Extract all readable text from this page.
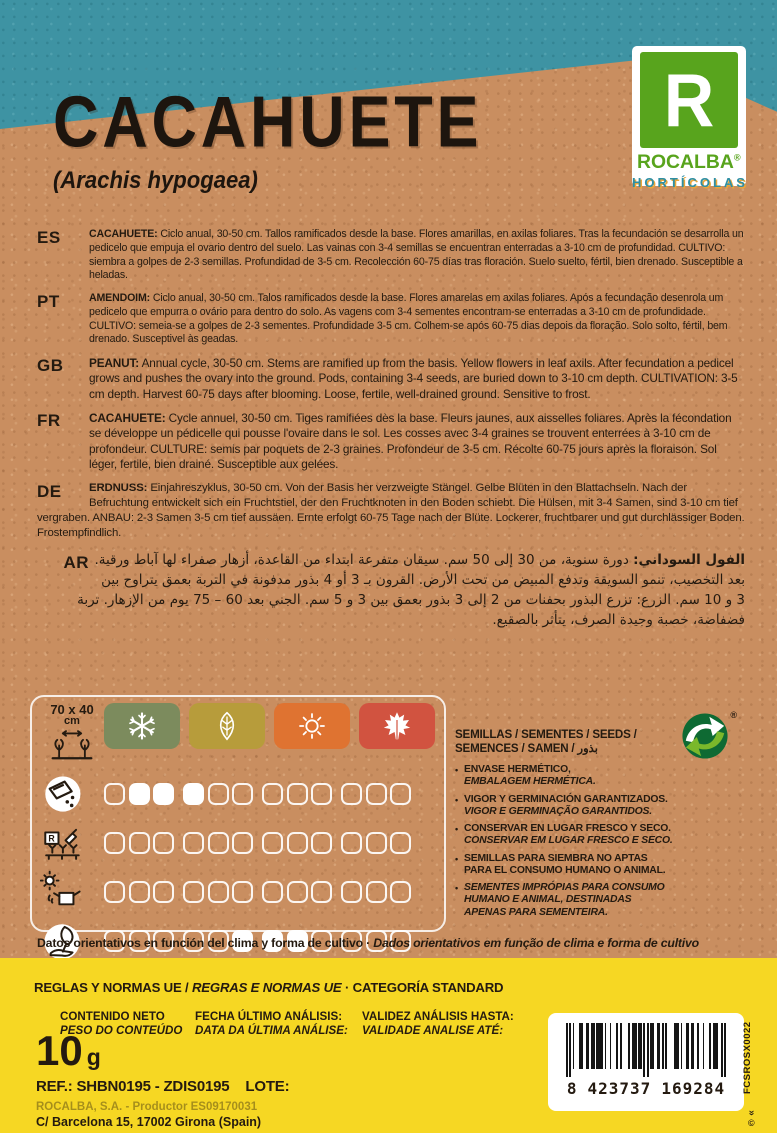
CACAHUETE
(Arachis hypogaea)
R
ROCALBA®
HORTÍCOLAS
ES	CACAHUETE: Ciclo anual, 30-50 cm. Tallos ramificados desde la base. Flores amarillas, en axilas foliares. Tras la fecundación se desarrolla un pedicelo que empuja el ovario dentro del suelo. Las vainas con 3-4 semillas se encuentran enterradas a 3-10 cm de profundidad. CULTIVO: siembra a golpes de 2-3 semillas. Profundidad de 3-5 cm. Recolección 60-75 días tras floración. Suelo suelto, fértil, bien drenado. Susceptible a heladas.
PT	AMENDOIM: Ciclo anual, 30-50 cm. Talos ramificados desde la base. Flores amarelas em axilas foliares. Após a fecundação desenrola um pedicelo que empurra o ovário para dentro do solo. As vagens com 3-4 sementes encontram-se enterradas a 3-10 cm de profundidade. CULTIVO: semeia-se a golpes de 2-3 sementes. Profundidade 3-5 cm. Colhem-se após 60-75 dias depois da floração. Solo solto, fértil, bem drenado. Susceptivel às geadas.
GB	PEANUT: Annual cycle, 30-50 cm. Stems are ramified up from the basis. Yellow flowers in leaf axils. After fecundation a pedicel grows and pushes the ovary into the ground. Pods, containing 3-4 seeds, are buried down to 3-10 cm depth. CULTIVATION: 3-5 cm depth. Harvest 60-75 days after blooming. Loose, fertile, well-drained ground. Sensitive to frost.
FR	CACAHUETE: Cycle annuel, 30-50 cm. Tiges ramifiées dès la base. Fleurs jaunes, aux aisselles foliares. Après la fécondation se développe un pédicelle qui pousse l'ovaire dans le sol. Les cosses avec 3-4 graines se trouvent enterrées à 3-10 cm de profondeur. CULTURE: semis par poquets de 2-3 graines. Profondeur de 3-5 cm. Récolte 60-75 jours après la floraison. Sol léger, fertile, bien drainé. Susceptible aux gelées.
DE	ERDNUSS: Einjahreszyklus, 30-50 cm. Von der Basis her verzweigte Stängel. Gelbe Blüten in den Blattachseln. Nach der Befruchtung entwickelt sich ein Fruchtstiel, der den Fruchtknoten in den Boden schiebt. Die Hülsen, mit 3-4 Samen, sind 3-10 cm tief vergraben. ANBAU: 2-3 Samen 3-5 cm tief aussäen. Ernte erfolgt 60-75 Tage nach der Blüte. Lockerer, fruchtbarer und gut durchlässiger Boden. Frostempfindlich.
AR	الفول السوداني: دورة سنوية، من 30 إلى 50 سم. سيقان متفرعة ابتداء من القاعدة، أزهار صفراء لها آباط ورقية. بعد التخصيب، تنمو السويقة وتدفع المبيض من تحت الأرض. القرون بـ 3 أو 4 بذور مدفونة في التربة بعمق يتراوح بين 3 و 10 سم. الزرع: تزرع البذور بحفنات من 2 إلى 3 بذور بعمق بين 3 و 5 سم. الجني بعد 60 – 75 يوم من الإزهار. تربة فضفاضة، خصبة وجيدة الصرف، يتأثر بالصقيع.
70 x 40
cm
R
SEMILLAS / SEMENTES / SEEDS /
SEMENCES / SAMEN / بذور
• ENVASE HERMÉTICO,
EMBALAGEM HERMÉTICA.
• VIGOR Y GERMINACIÓN GARANTIZADOS.
VIGOR E GERMINAÇÃO GARANTIDOS.
• CONSERVAR EN LUGAR FRESCO Y SECO.
CONSERVAR EM LUGAR FRESCO E SECO.
• SEMILLAS PARA SIEMBRA NO APTAS PARA EL CONSUMO HUMANO O ANIMAL.
• SEMENTES IMPRÓPIAS PARA CONSUMO HUMANO E ANIMAL, DESTINADAS APENAS PARA SEMENTEIRA.
®
Datos orientativos en función del clima y forma de cultivo · Dados orientativos em função de clima e forma de cultivo
REGLAS Y NORMAS UE / REGRAS E NORMAS UE · CATEGORÍA STANDARD
CONTENIDO NETO
PESO DO CONTEÚDO
FECHA ÚLTIMO ANÁLISIS:
DATA DA ÚLTIMA ANÁLISE:
VALIDEZ ANÁLISIS HASTA:
VALIDADE ANALISE ATÉ:
10 g
REF.: SHBN0195 - ZDIS0195 LOTE:
ROCALBA, S.A. - Productor ES09170031
C/ Barcelona 15, 17002 Girona (Spain)
8 423737 169284 FCSROSX0022
»
©
